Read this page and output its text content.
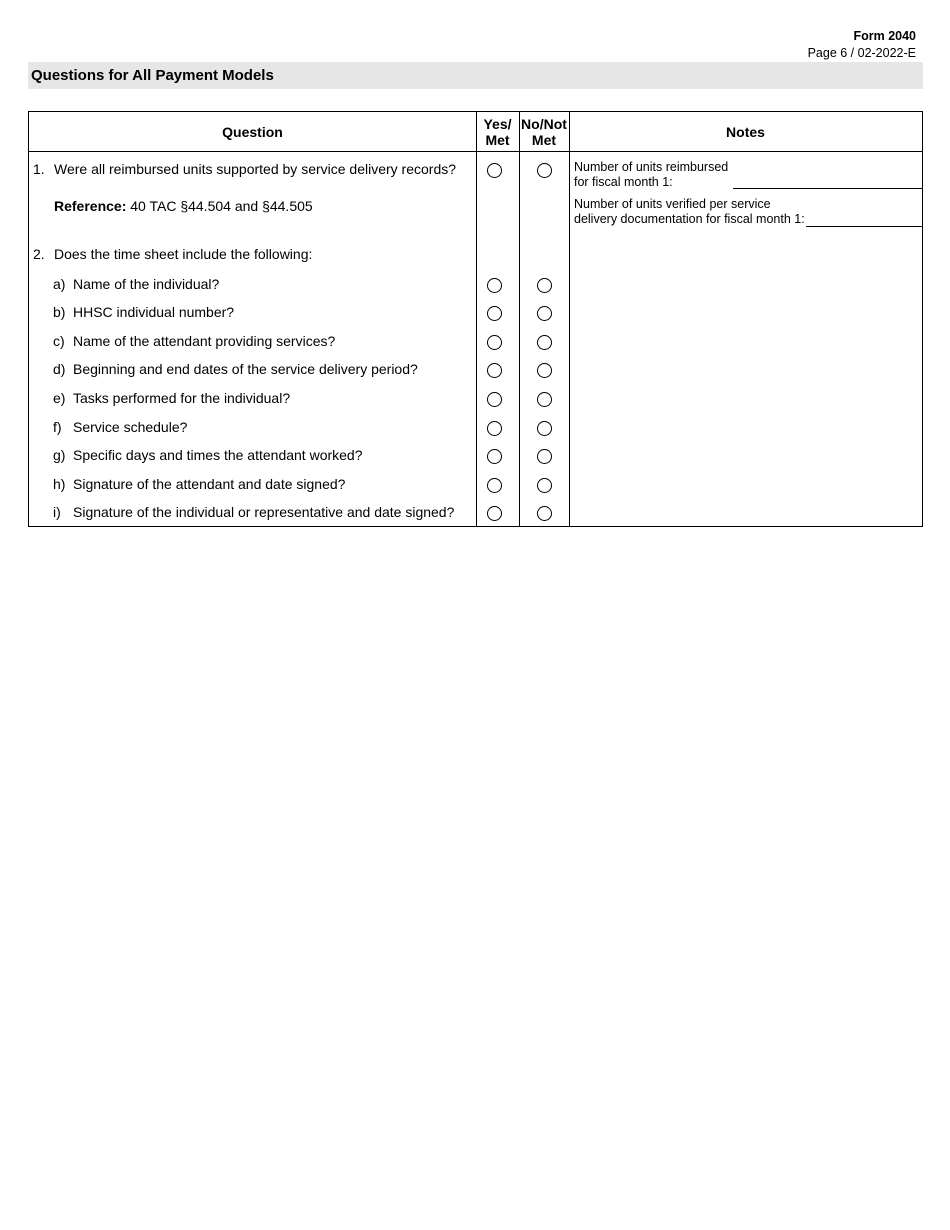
Form 2040
Page 6 / 02-2022-E
Questions for All Payment Models
Question	Yes/
Met
No/Not
Met	Notes
1. Were all reimbursed units supported by service delivery records?
Reference: 40 TAC §44.504 and §44.505
Number of units reimbursed
for fiscal month 1:
Number of units verified per service
delivery documentation for fiscal month 1:
2. Does the time sheet include the following:
a) Name of the individual?
b) HHSC individual number?
c) Name of the attendant providing services?
d) Beginning and end dates of the service delivery period?
e) Tasks performed for the individual?
f) Service schedule?
g) Specific days and times the attendant worked?
h) Signature of the attendant and date signed?
i) Signature of the individual or representative and date signed?
